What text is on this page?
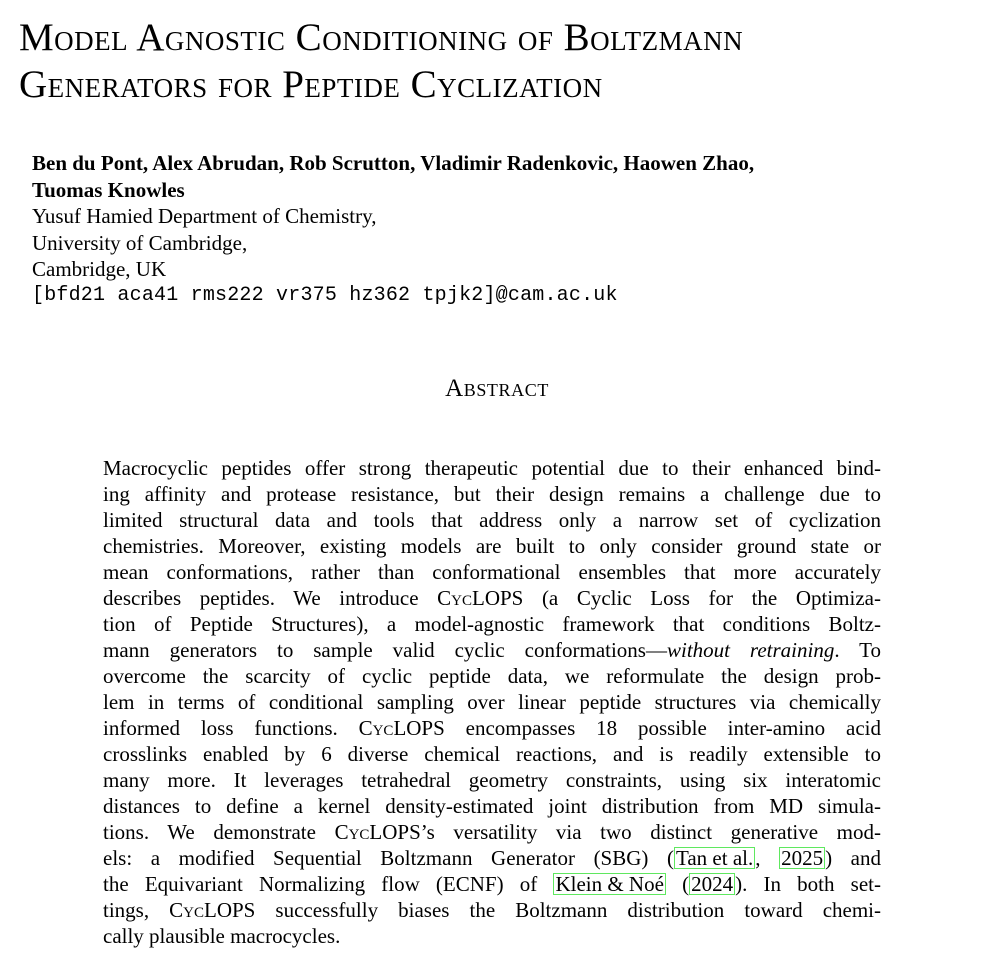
Model Agnostic Conditioning of Boltzmann
Generators for Peptide Cyclization
Ben du Pont, Alex Abrudan, Rob Scrutton, Vladimir Radenkovic, Haowen Zhao,
Tuomas Knowles
Yusuf Hamied Department of Chemistry,
University of Cambridge,
Cambridge, UK
[bfd21 aca41 rms222 vr375 hz362 tpjk2]@cam.ac.uk
Abstract
Macrocyclic peptides offer strong therapeutic potential due to their enhanced bind-
ing affinity and protease resistance, but their design remains a challenge due to
limited structural data and tools that address only a narrow set of cyclization
chemistries. Moreover, existing models are built to only consider ground state or
mean conformations, rather than conformational ensembles that more accurately
describes peptides. We introduce CycLOPS (a Cyclic Loss for the Optimiza-
tion of Peptide Structures), a model-agnostic framework that conditions Boltz-
mann generators to sample valid cyclic conformations—without retraining. To
overcome the scarcity of cyclic peptide data, we reformulate the design prob-
lem in terms of conditional sampling over linear peptide structures via chemically
informed loss functions. CycLOPS encompasses 18 possible inter-amino acid
crosslinks enabled by 6 diverse chemical reactions, and is readily extensible to
many more. It leverages tetrahedral geometry constraints, using six interatomic
distances to define a kernel density-estimated joint distribution from MD simula-
tions. We demonstrate CycLOPS’s versatility via two distinct generative mod-
els: a modified Sequential Boltzmann Generator (SBG) (Tan et al., 2025) and
the Equivariant Normalizing flow (ECNF) of Klein & Noé (2024). In both set-
tings, CycLOPS successfully biases the Boltzmann distribution toward chemi-
cally plausible macrocycles.
